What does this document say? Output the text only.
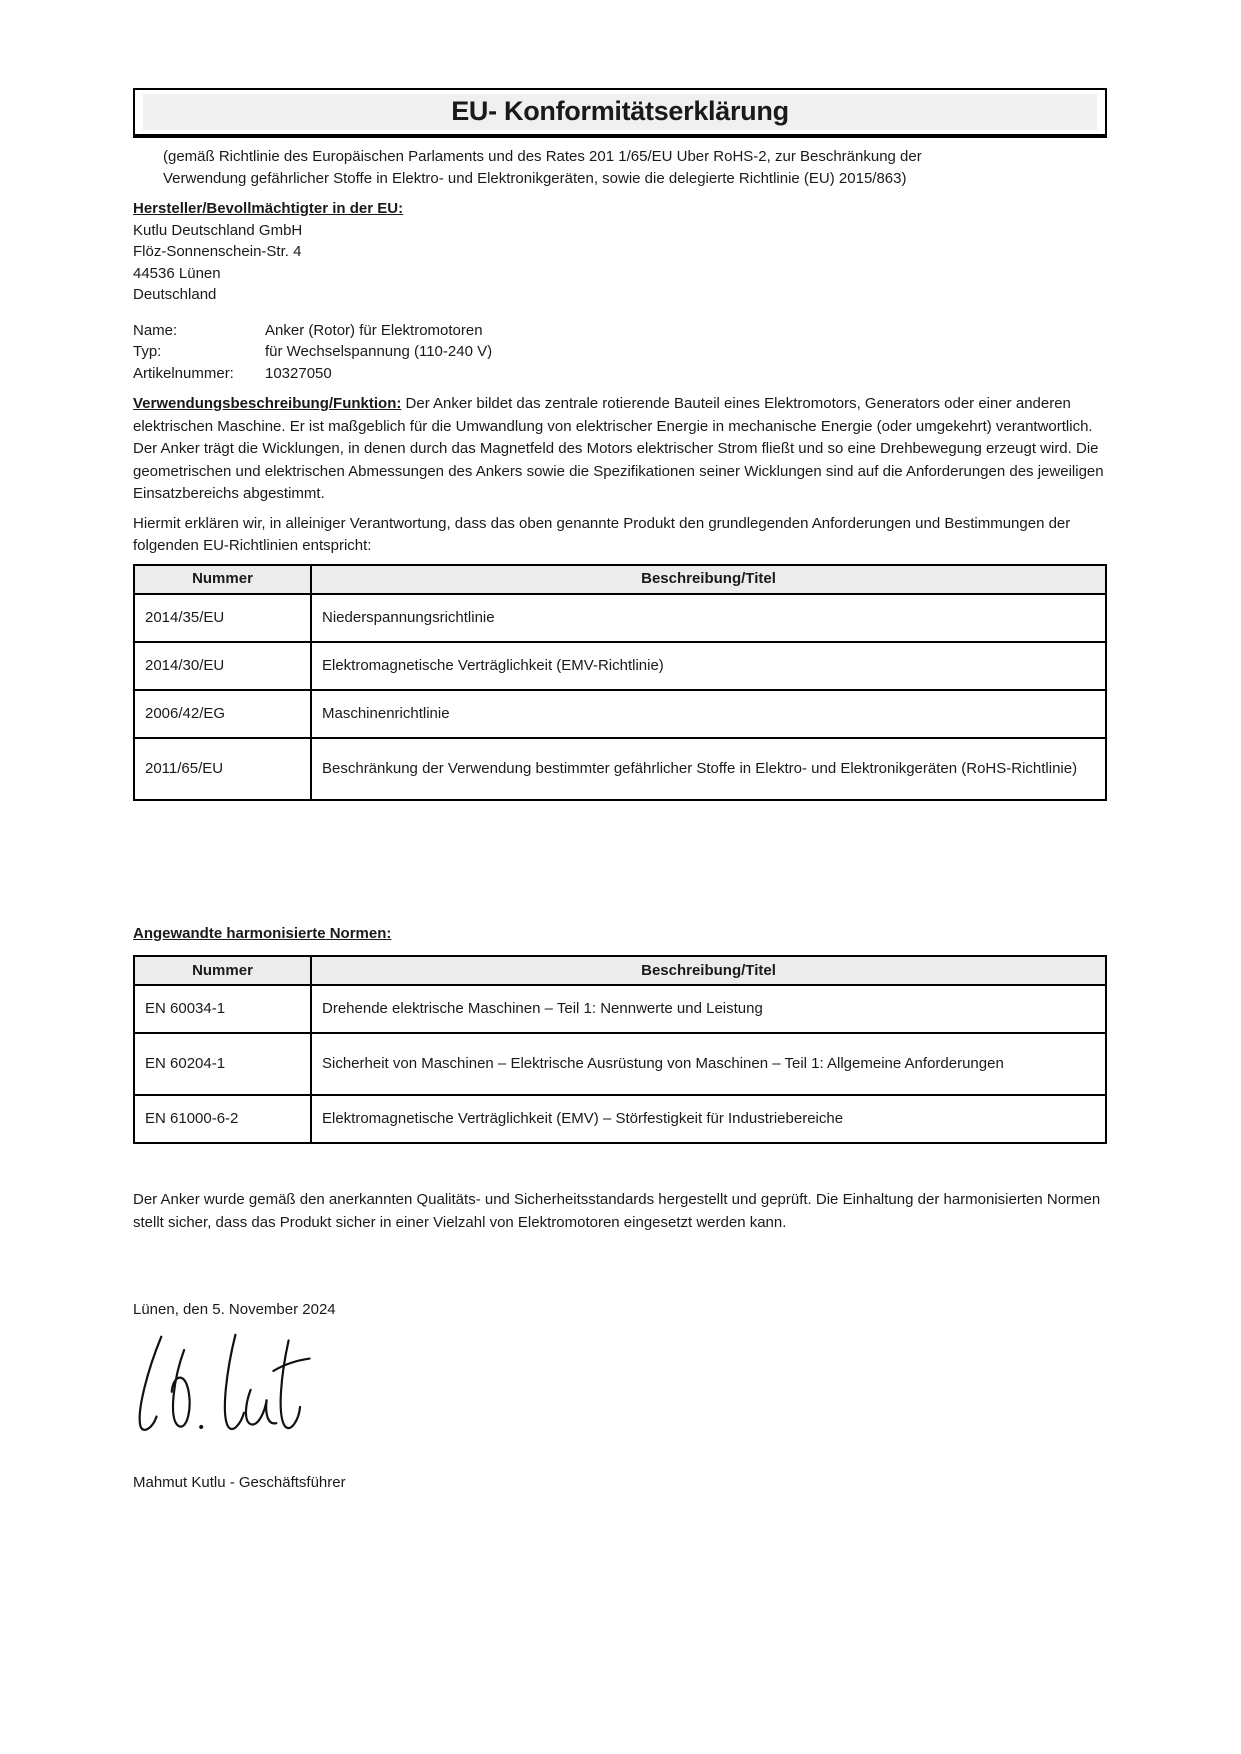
EU- Konformitätserklärung
(gemäß Richtlinie des Europäischen Parlaments und des Rates 201 1/65/EU Uber RoHS-2, zur Beschränkung der Verwendung gefährlicher Stoffe in Elektro- und Elektronikgeräten, sowie die delegierte Richtlinie (EU) 2015/863)
Hersteller/Bevollmächtigter in der EU:
Kutlu Deutschland GmbH
Flöz-Sonnenschein-Str. 4
44536 Lünen
Deutschland
Name:	Anker (Rotor) für Elektromotoren
Typ:	für Wechselspannung (110-240 V)
Artikelnummer:	10327050
Verwendungsbeschreibung/Funktion: Der Anker bildet das zentrale rotierende Bauteil eines Elektromotors, Generators oder einer anderen elektrischen Maschine. Er ist maßgeblich für die Umwandlung von elektrischer Energie in mechanische Energie (oder umgekehrt) verantwortlich. Der Anker trägt die Wicklungen, in denen durch das Magnetfeld des Motors elektrischer Strom fließt und so eine Drehbewegung erzeugt wird. Die geometrischen und elektrischen Abmessungen des Ankers sowie die Spezifikationen seiner Wicklungen sind auf die Anforderungen des jeweiligen Einsatzbereichs abgestimmt.
Hiermit erklären wir, in alleiniger Verantwortung, dass das oben genannte Produkt den grundlegenden Anforderungen und Bestimmungen der folgenden EU-Richtlinien entspricht:
Nummer	Beschreibung/Titel
2014/35/EU	Niederspannungsrichtlinie
2014/30/EU	Elektromagnetische Verträglichkeit (EMV-Richtlinie)
2006/42/EG	Maschinenrichtlinie
2011/65/EU	Beschränkung der Verwendung bestimmter gefährlicher Stoffe in Elektro- und Elektronikgeräten (RoHS-Richtlinie)
Angewandte harmonisierte Normen:
Nummer	Beschreibung/Titel
EN 60034-1	Drehende elektrische Maschinen – Teil 1: Nennwerte und Leistung
EN 60204-1	Sicherheit von Maschinen – Elektrische Ausrüstung von Maschinen – Teil 1: Allgemeine Anforderungen
EN 61000-6-2	Elektromagnetische Verträglichkeit (EMV) – Störfestigkeit für Industriebereiche
Der Anker wurde gemäß den anerkannten Qualitäts- und Sicherheitsstandards hergestellt und geprüft. Die Einhaltung der harmonisierten Normen stellt sicher, dass das Produkt sicher in einer Vielzahl von Elektromotoren eingesetzt werden kann.
Lünen, den 5. November 2024
Mahmut Kutlu - Geschäftsführer
